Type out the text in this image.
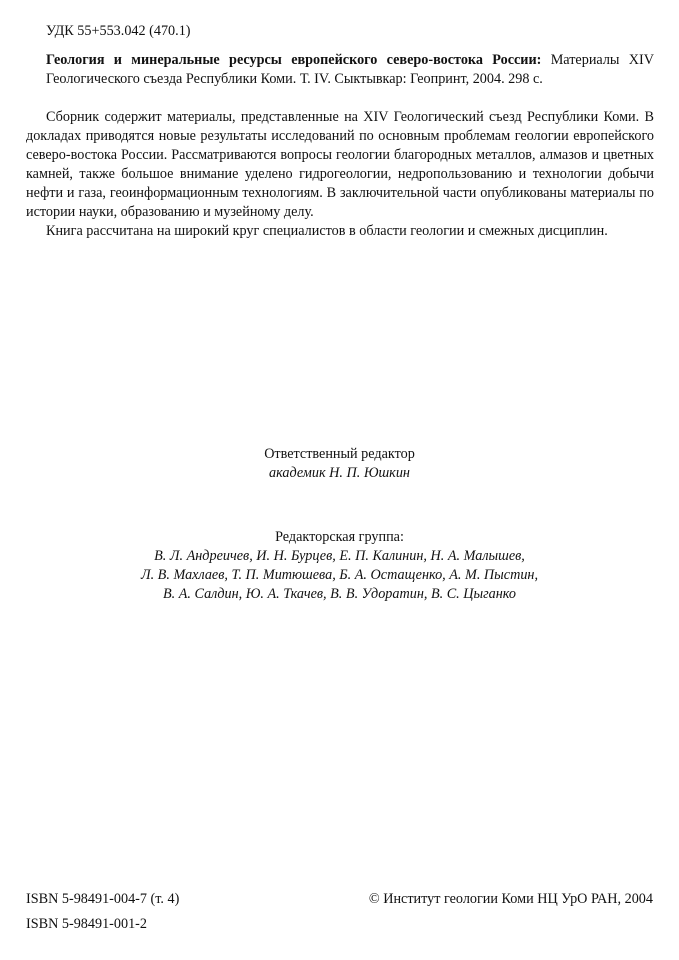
УДК 55+553.042 (470.1)
Геология и минеральные ресурсы европейского северо-востока России: Материалы XIV Геологического съезда Республики Коми. Т. IV. Сыктывкар: Геопринт, 2004. 298 с.

Сборник содержит материалы, представленные на XIV Геологический съезд Республики Коми. В докладах приводятся новые результаты исследований по основным проблемам геологии европейского северо-востока России. Рассматриваются вопросы геологии благородных металлов, алмазов и цветных камней, также большое внимание уделено гидрогеологии, недропользованию и технологии добычи нефти и газа, геоинформационным технологиям. В заключительной части опубликованы материалы по истории науки, образованию и музейному делу.

Книга рассчитана на широкий круг специалистов в области геологии и смежных дисциплин.

Ответственный редактор
академик Н. П. Юшкин
Редакторская группа:
В. Л. Андреичев, И. Н. Бурцев, Е. П. Калинин, Н. А. Малышев,
Л. В. Махлаев, Т. П. Митюшева, Б. А. Остащенко, А. М. Пыстин,
В. А. Салдин, Ю. А. Ткачев, В. В. Удоратин, В. С. Цыганко
ISBN 5-98491-004-7 (т. 4)
ISBN 5-98491-001-2
© Институт геологии Коми НЦ УрО РАН, 2004
